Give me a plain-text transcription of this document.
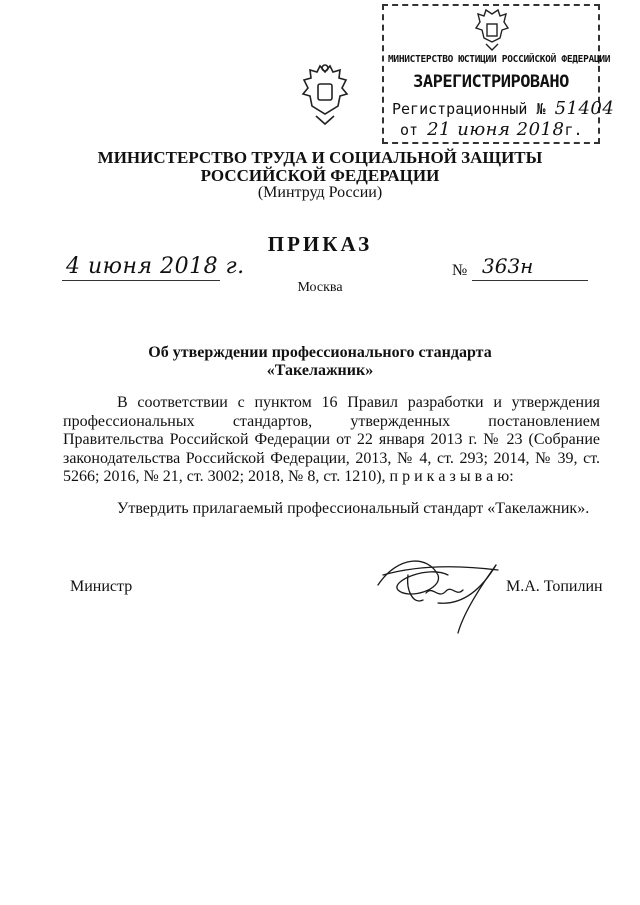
МИНИСТЕРСТВО ЮСТИЦИИ РОССИЙСКОЙ ФЕДЕРАЦИИ
ЗАРЕГИСТРИРОВАНО
Регистрационный № 51404
от 21 июня 2018г.
МИНИСТЕРСТВО ТРУДА И СОЦИАЛЬНОЙ ЗАЩИТЫ
РОССИЙСКОЙ ФЕДЕРАЦИИ
(Минтруд России)
ПРИКАЗ
4 июня 2018 г.	№ 363н
Москва
Об утверждении профессионального стандарта
«Такелажник»
В соответствии с пунктом 16 Правил разработки и утверждения профессиональных стандартов, утвержденных постановлением Правительства Российской Федерации от 22 января 2013 г. № 23 (Собрание законодательства Российской Федерации, 2013, № 4, ст. 293; 2014, № 39, ст. 5266; 2016, № 21, ст. 3002; 2018, № 8, ст. 1210), п р и к а з ы в а ю:
Утвердить прилагаемый профессиональный стандарт «Такелажник».
Министр	М.А. Топилин
